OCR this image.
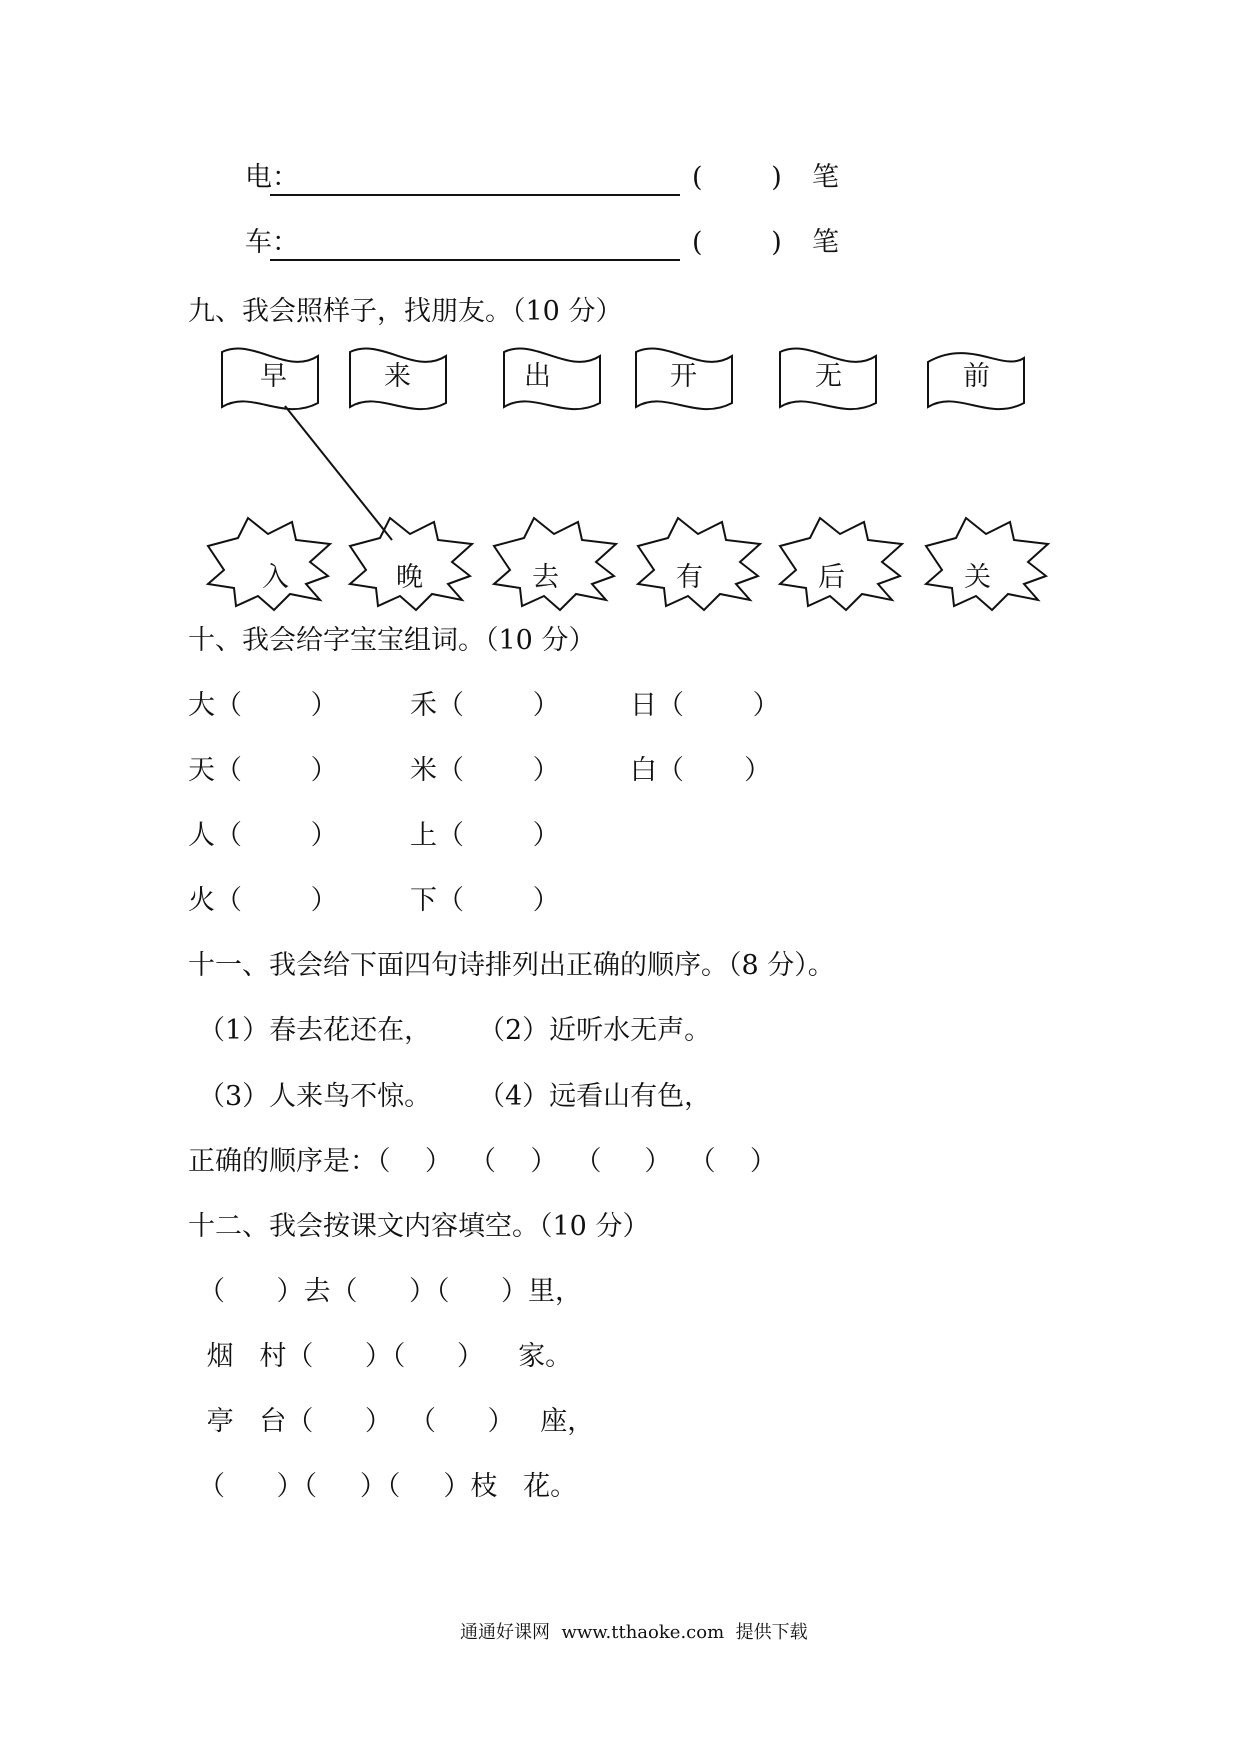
电：	(        ) 笔
车：	(        ) 笔
九、我会照样子，找朋友。（10 分）
早	来	出	开	无	前
入	晚	去	有	后	关
十、我会给字宝宝组词。（10 分）
大（        ）	禾（        ）	日（        ）
天（        ）	米（        ）	白（       ）
人（        ）	上（        ）
火（        ）	下（        ）
十一、我会给下面四句诗排列出正确的顺序。（8 分）。
（1）春去花还在， （2）近听水无声。
（3）人来鸟不惊。 （4）远看山有色，
正确的顺序是：（    ）  （    ）  （     ）  （    ）
十二、我会按课文内容填空。（10 分）
（      ）去（      ）（      ）里，
烟   村（      ）（      ）    家。
亭   台（      ）  （      ）   座，
（      ）（     ）（     ）枝   花。
通通好课网  www.tthaoke.com  提供下载
